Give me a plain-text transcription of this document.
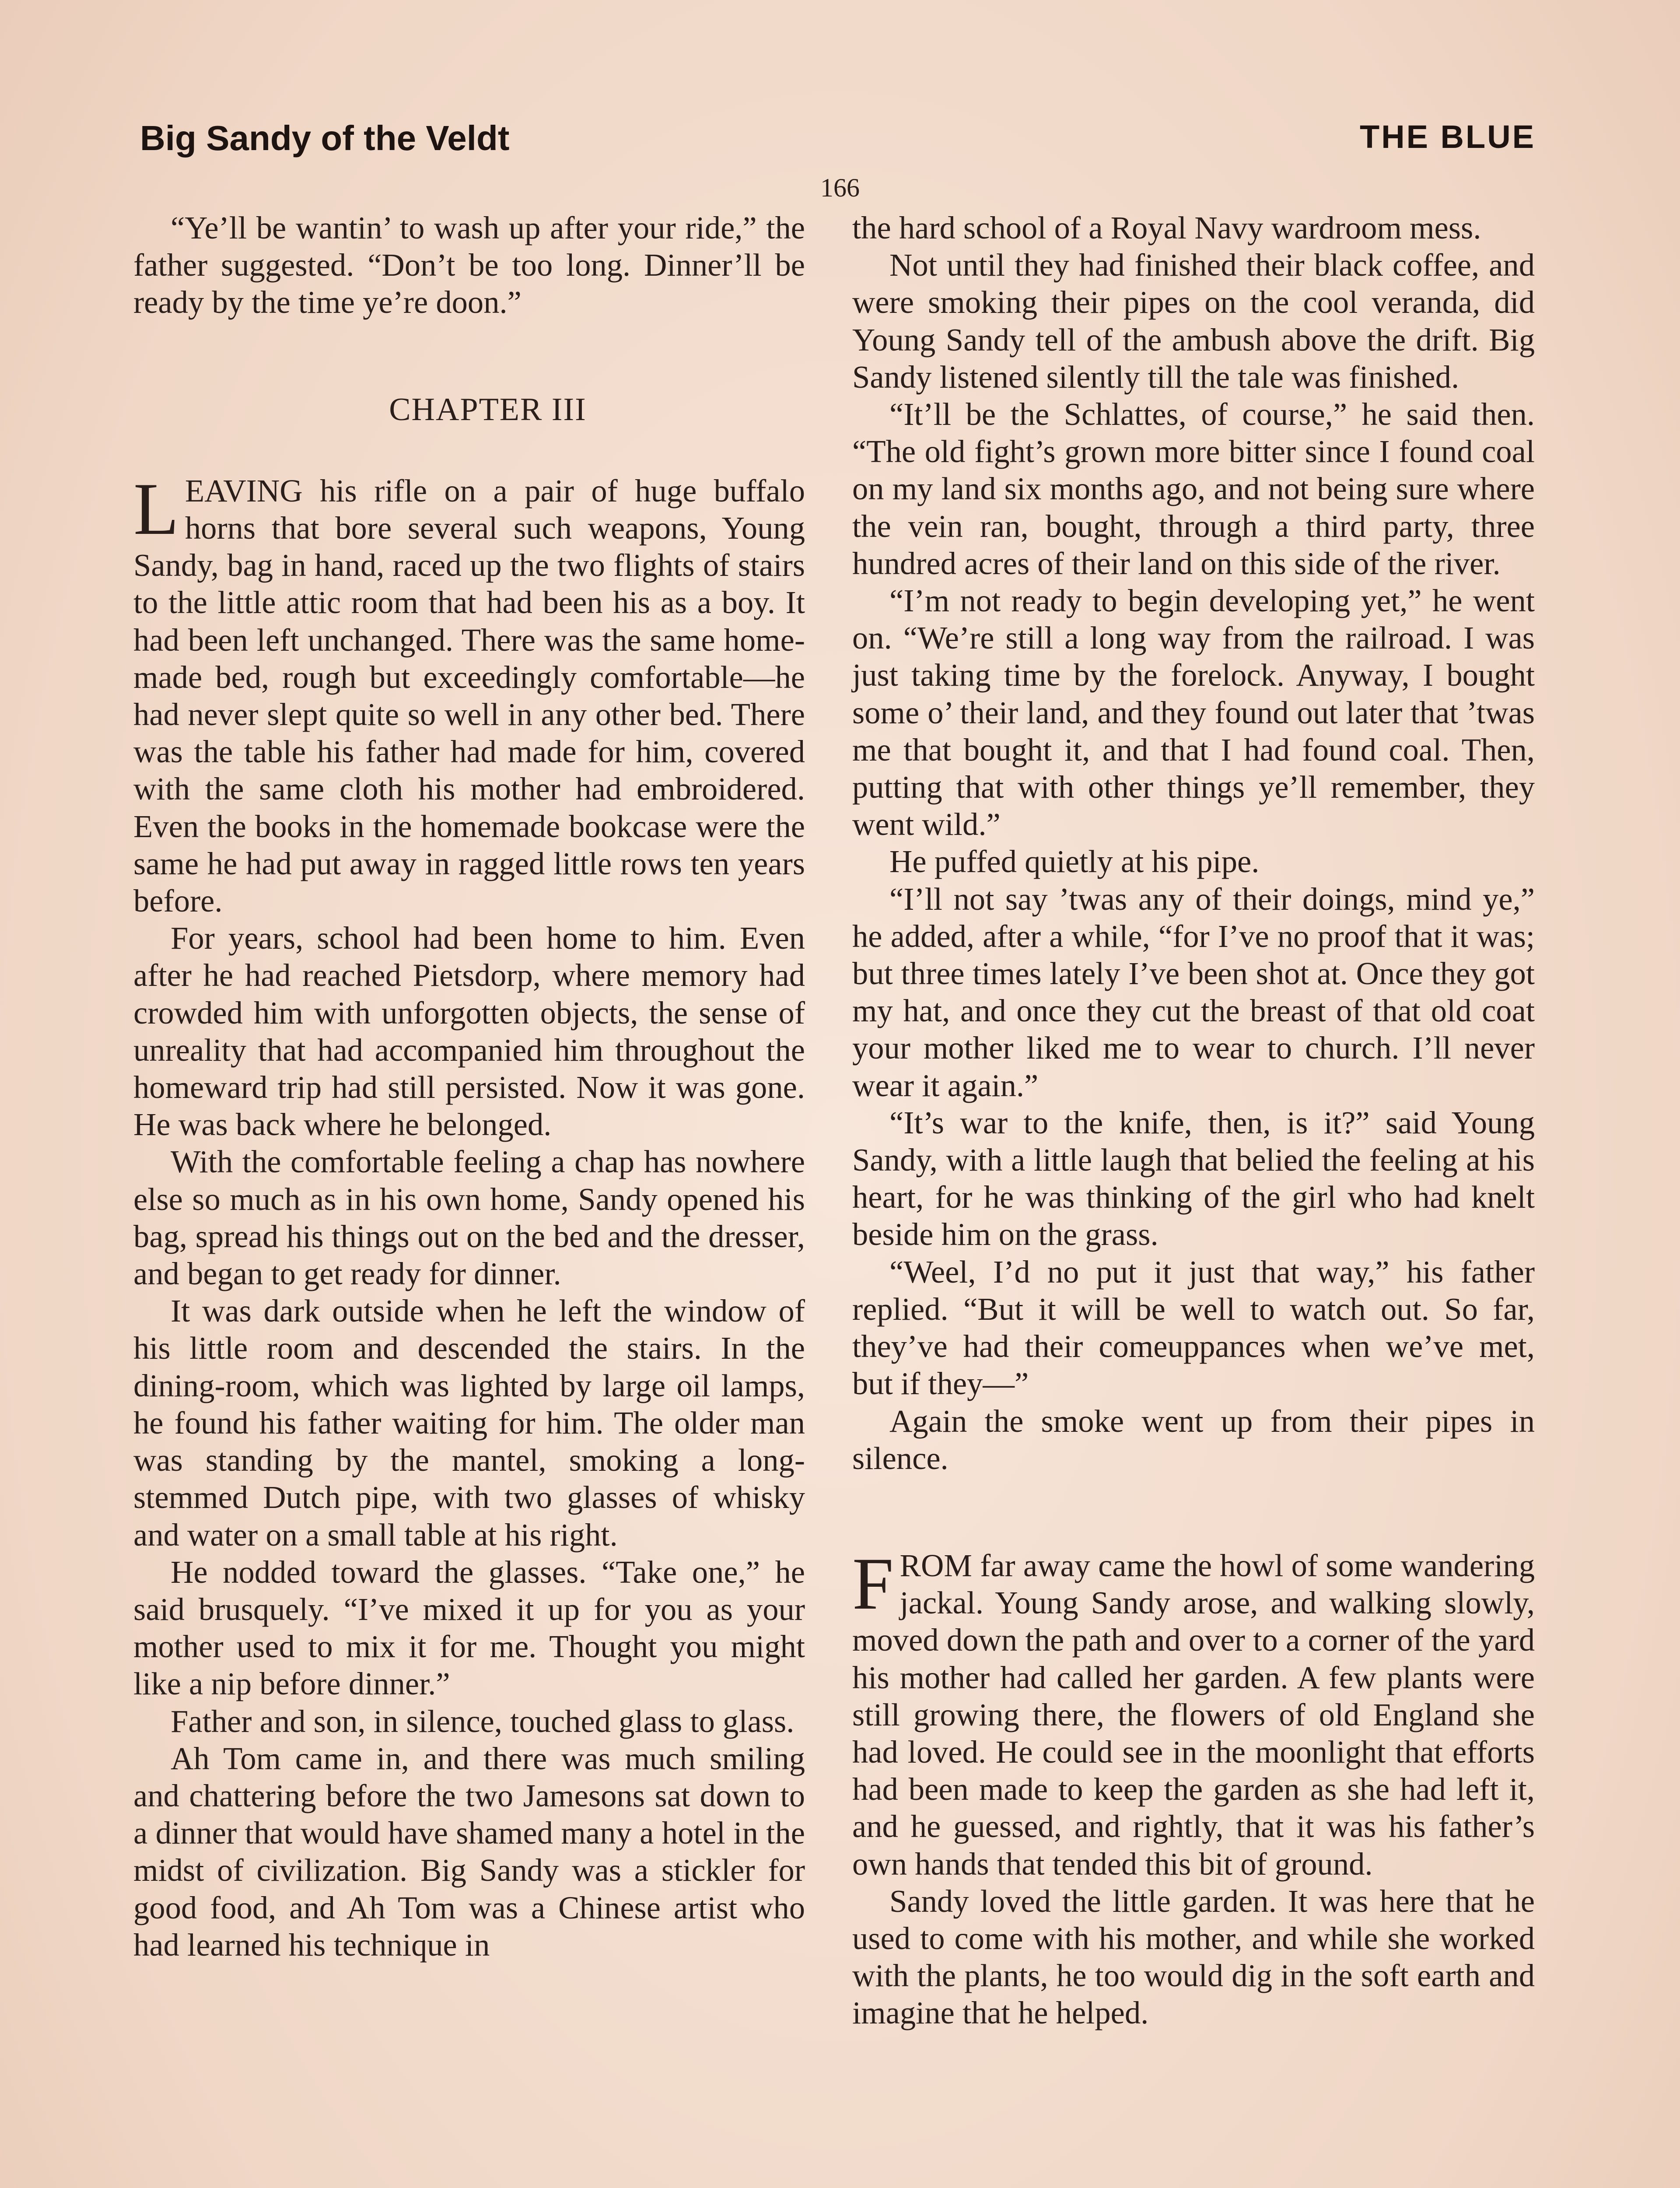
Big Sandy of the Veldt	THE BLUE
166

“Ye’ll be wantin’ to wash up after your ride,” the father suggested. “Don’t be too long. Dinner’ll be ready by the time ye’re doon.”

CHAPTER III

LEAVING his rifle on a pair of huge buffalo horns that bore several such weapons, Young Sandy, bag in hand, raced up the two flights of stairs to the little attic room that had been his as a boy. It had been left unchanged. There was the same home-made bed, rough but exceedingly comfortable—he had never slept quite so well in any other bed. There was the table his father had made for him, covered with the same cloth his mother had embroidered. Even the books in the homemade bookcase were the same he had put away in ragged little rows ten years before.

For years, school had been home to him. Even after he had reached Pietsdorp, where memory had crowded him with unforgotten objects, the sense of unreality that had accompanied him throughout the homeward trip had still persisted. Now it was gone. He was back where he belonged.

With the comfortable feeling a chap has nowhere else so much as in his own home, Sandy opened his bag, spread his things out on the bed and the dresser, and began to get ready for dinner.

It was dark outside when he left the window of his little room and descended the stairs. In the dining-room, which was lighted by large oil lamps, he found his father waiting for him. The older man was standing by the mantel, smoking a long-stemmed Dutch pipe, with two glasses of whisky and water on a small table at his right.

He nodded toward the glasses. “Take one,” he said brusquely. “I’ve mixed it up for you as your mother used to mix it for me. Thought you might like a nip before dinner.”

Father and son, in silence, touched glass to glass.

Ah Tom came in, and there was much smiling and chattering before the two Jamesons sat down to a dinner that would have shamed many a hotel in the midst of civilization. Big Sandy was a stickler for good food, and Ah Tom was a Chinese artist who had learned his technique in

the hard school of a Royal Navy wardroom mess.

Not until they had finished their black coffee, and were smoking their pipes on the cool veranda, did Young Sandy tell of the ambush above the drift. Big Sandy listened silently till the tale was finished.

“It’ll be the Schlattes, of course,” he said then. “The old fight’s grown more bitter since I found coal on my land six months ago, and not being sure where the vein ran, bought, through a third party, three hundred acres of their land on this side of the river.

“I’m not ready to begin developing yet,” he went on. “We’re still a long way from the railroad. I was just taking time by the forelock. Anyway, I bought some o’ their land, and they found out later that ’twas me that bought it, and that I had found coal. Then, putting that with other things ye’ll remember, they went wild.”

He puffed quietly at his pipe.

“I’ll not say ’twas any of their doings, mind ye,” he added, after a while, “for I’ve no proof that it was; but three times lately I’ve been shot at. Once they got my hat, and once they cut the breast of that old coat your mother liked me to wear to church. I’ll never wear it again.”

“It’s war to the knife, then, is it?” said Young Sandy, with a little laugh that belied the feeling at his heart, for he was thinking of the girl who had knelt beside him on the grass.

“Weel, I’d no put it just that way,” his father replied. “But it will be well to watch out. So far, they’ve had their comeuppances when we’ve met, but if they—”

Again the smoke went up from their pipes in silence.

FROM far away came the howl of some wandering jackal. Young Sandy arose, and walking slowly, moved down the path and over to a corner of the yard his mother had called her garden. A few plants were still growing there, the flowers of old England she had loved. He could see in the moonlight that efforts had been made to keep the garden as she had left it, and he guessed, and rightly, that it was his father’s own hands that tended this bit of ground.

Sandy loved the little garden. It was here that he used to come with his mother, and while she worked with the plants, he too would dig in the soft earth and imagine that he helped.
